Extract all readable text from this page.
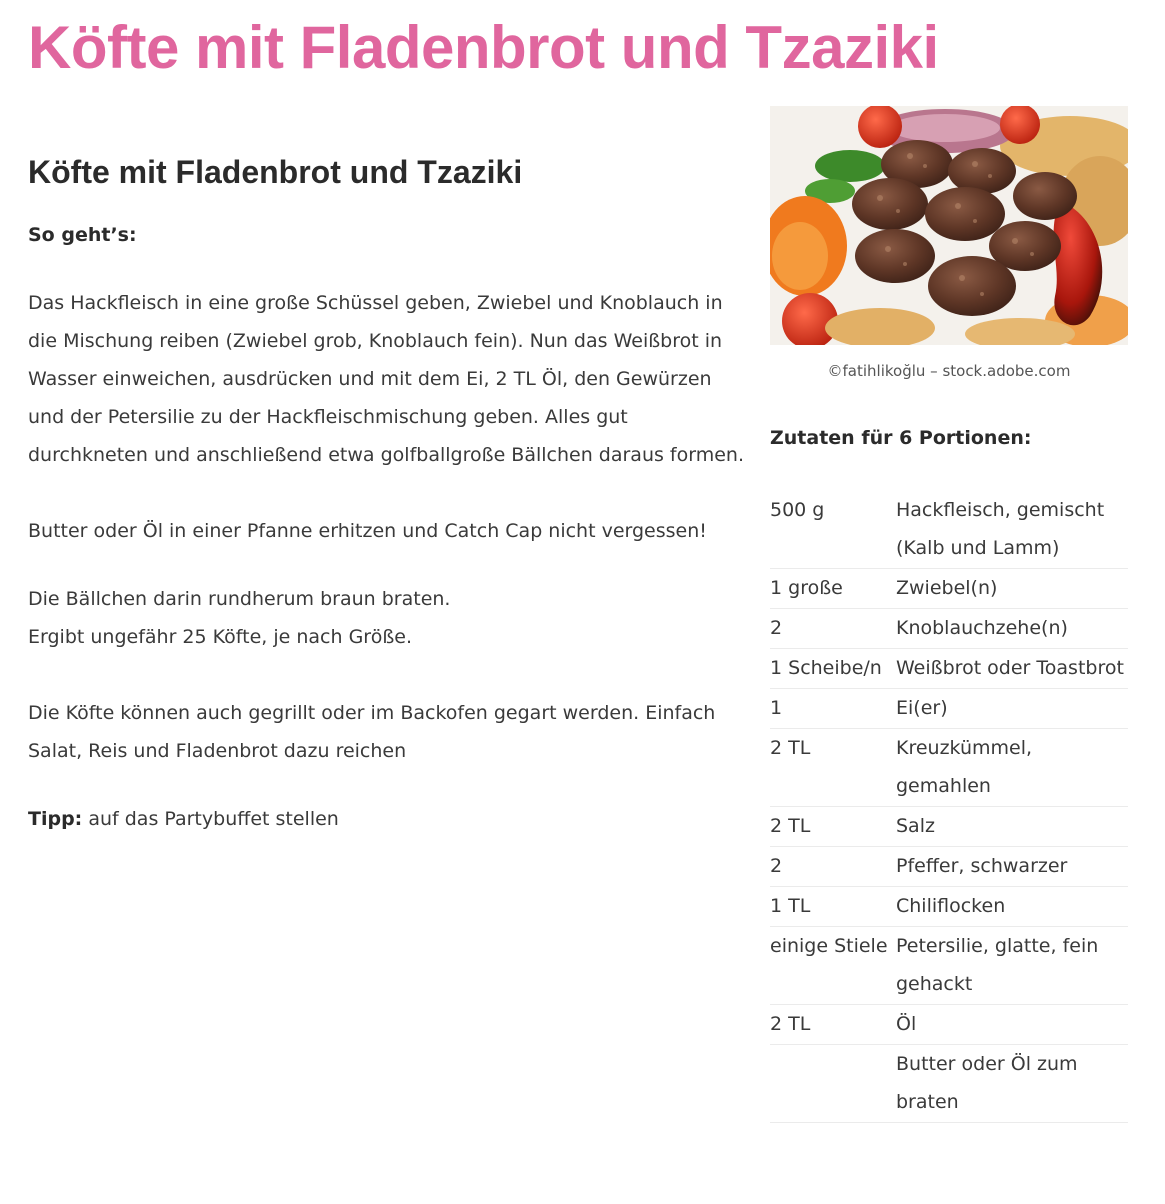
Köfte mit Fladenbrot und Tzaziki
Köfte mit Fladenbrot und Tzaziki

So geht’s:

Das Hackfleisch in eine große Schüssel geben, Zwiebel und Knoblauch in die Mischung reiben (Zwiebel grob, Knoblauch fein). Nun das Weißbrot in Wasser einweichen, ausdrücken und mit dem Ei, 2 TL Öl, den Gewürzen und der Petersilie zu der Hackfleischmischung geben. Alles gut durchkneten und anschließend etwa golfballgroße Bällchen daraus formen.

Butter oder Öl in einer Pfanne erhitzen und Catch Cap nicht vergessen!

Die Bällchen darin rundherum braun braten.

Ergibt ungefähr 25 Köfte, je nach Größe.

Die Köfte können auch gegrillt oder im Backofen gegart werden. Einfach Salat, Reis und Fladenbrot dazu reichen

Tipp: auf das Partybuffet stellen

©fatihlikoğlu – stock.adobe.com
Zutaten für 6 Portionen:
500 g	Hackfleisch, gemischt (Kalb und Lamm)
1 große	Zwiebel(n)
2	Knoblauchzehe(n)
1 Scheibe/n Weißbrot oder Toastbrot
1	Ei(er)
2 TL	Kreuzkümmel, gemahlen
2 TL	Salz
2	Pfeffer, schwarzer
1 TL	Chiliflocken
einige Stiele Petersilie, glatte, fein gehackt
2 TL	Öl
Butter oder Öl zum braten
